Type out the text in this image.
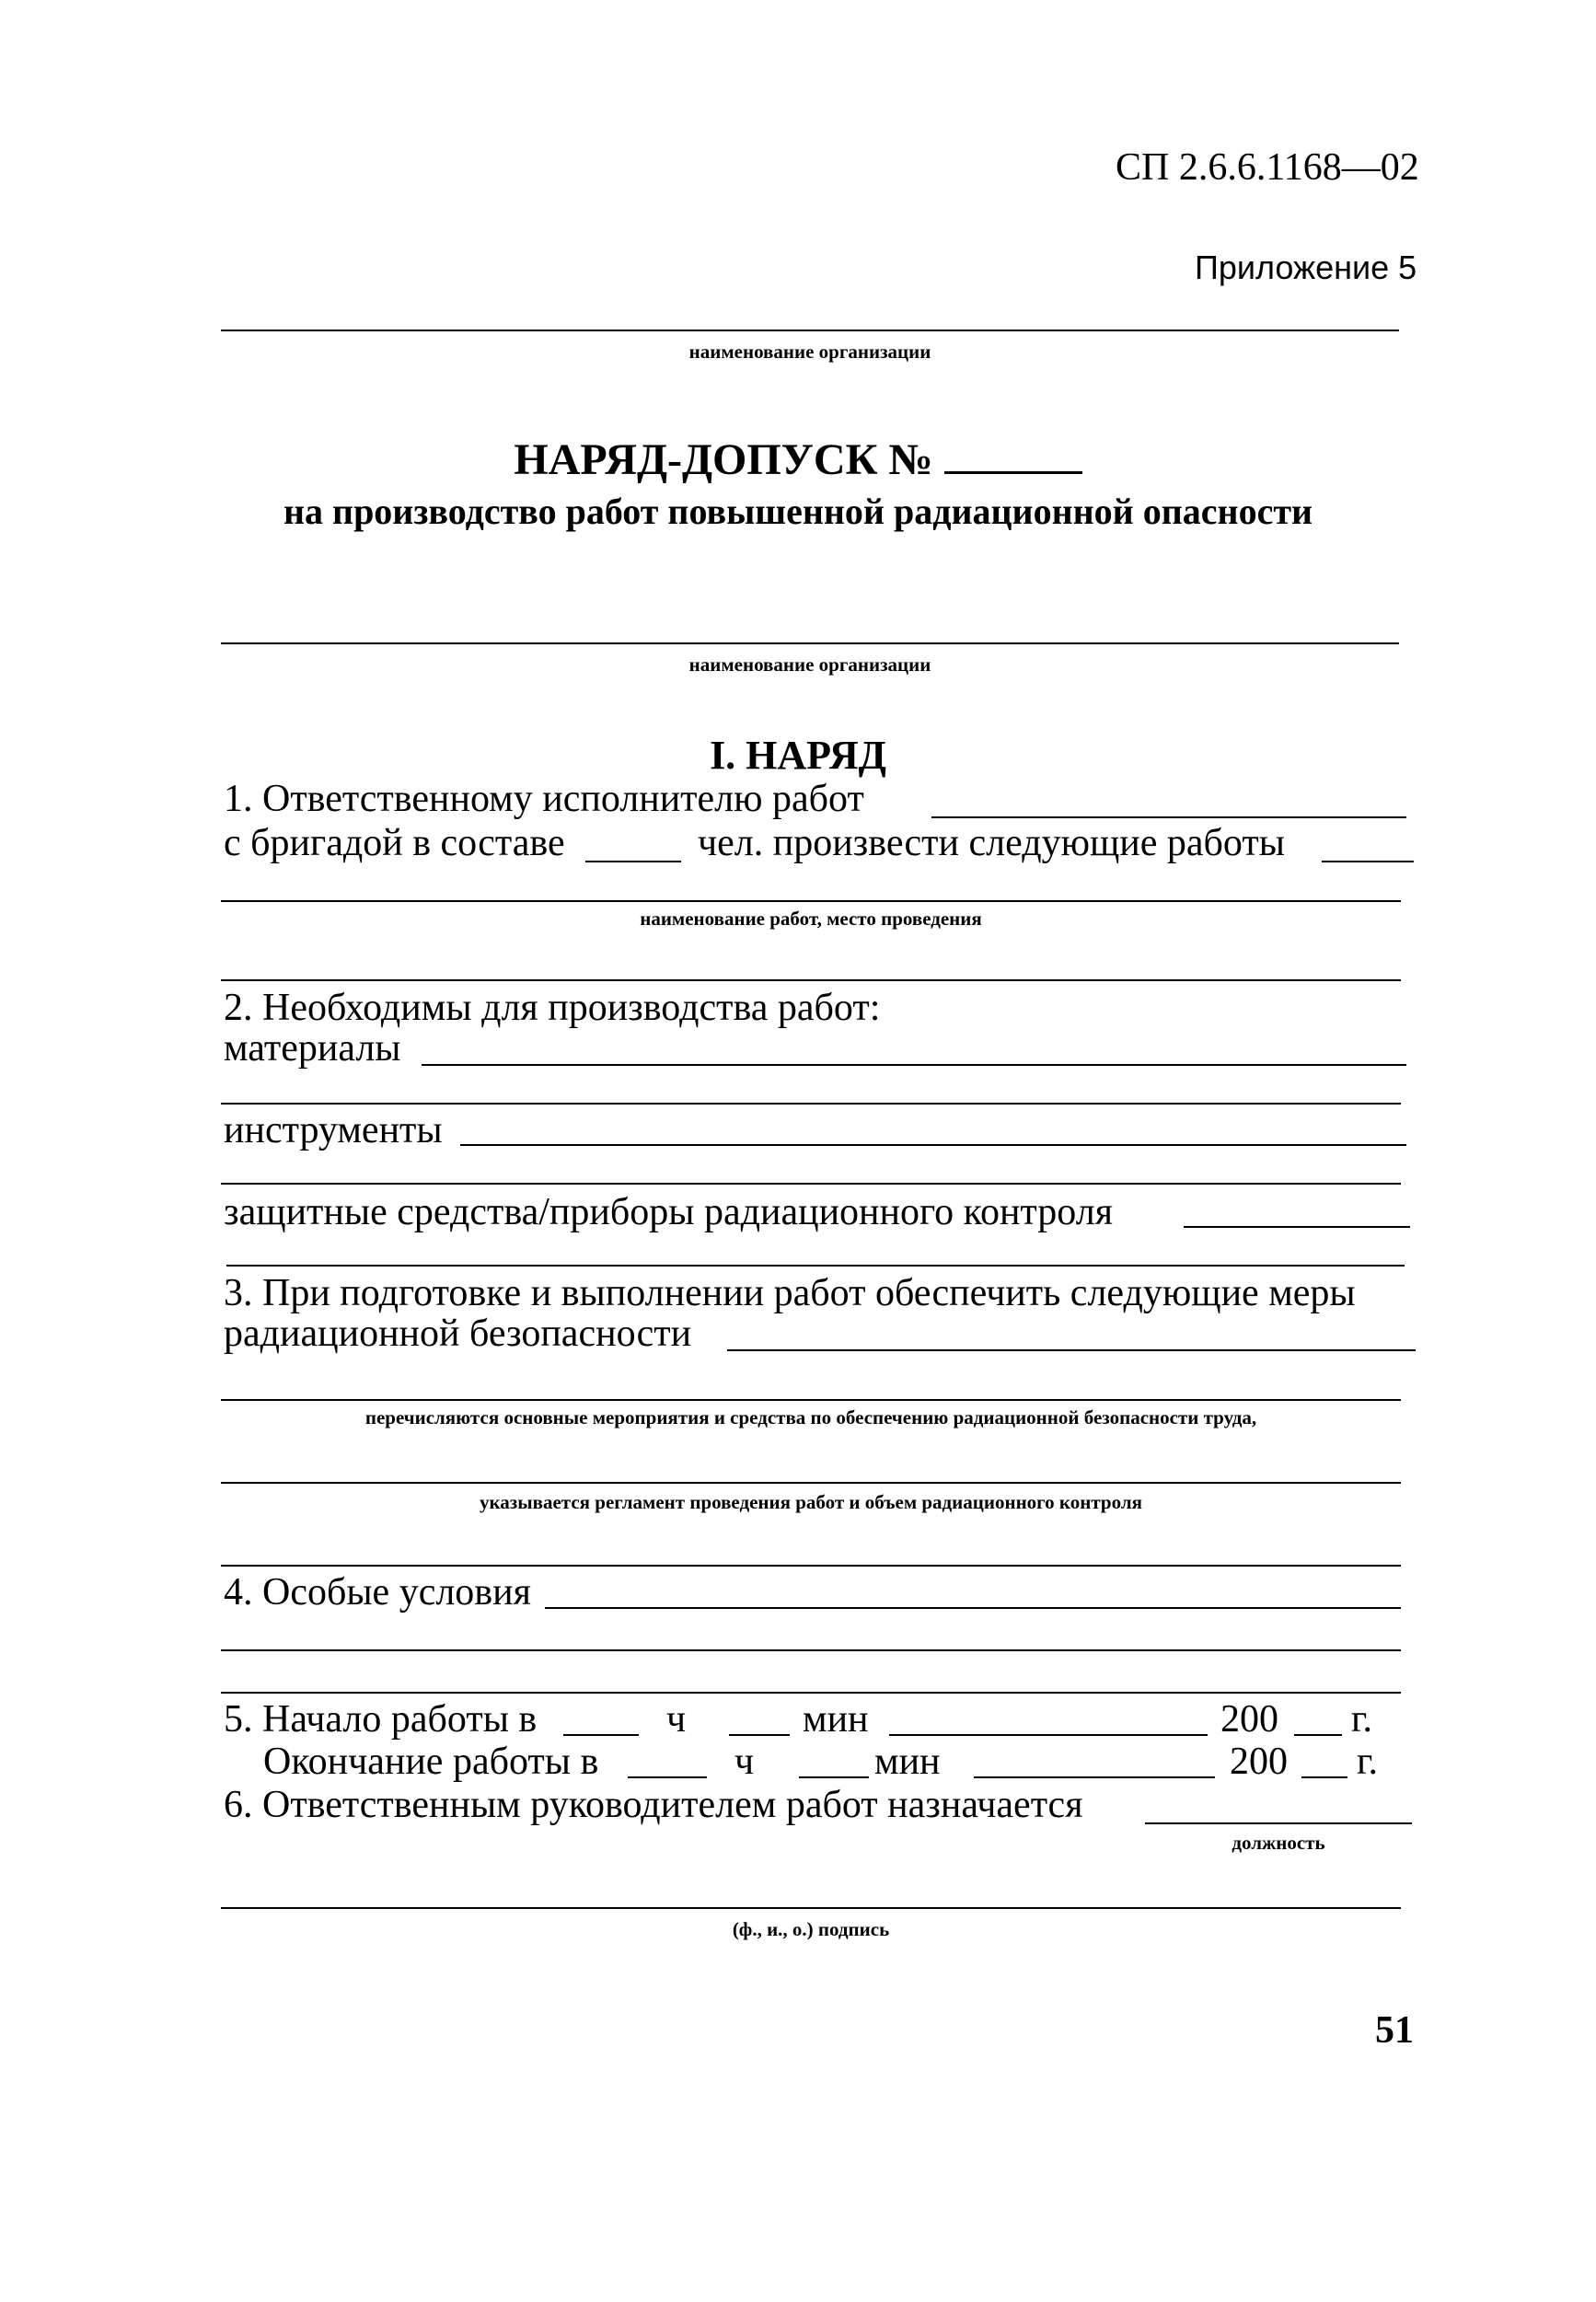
СП 2.6.6.1168—02
Приложение 5
наименование организации
НАРЯД-ДОПУСК №
на производство работ повышенной радиационной опасности
наименование организации
I. НАРЯД
1. Ответственному исполнителю работ
с бригадой в составе	чел. произвести следующие работы
наименование работ, место проведения
2. Необходимы для производства работ:
материалы
инструменты
защитные средства/приборы радиационного контроля
3. При подготовке и выполнении работ обеспечить следующие меры
радиационной безопасности
перечисляются основные мероприятия и средства по обеспечению радиационной безопасности труда,
указывается регламент проведения работ и объем радиационного контроля
4. Особые условия
5. Начало работы в	ч	мин	200 г.
Окончание работы в	ч	мин	200 г.
6. Ответственным руководителем работ назначается
должность
(ф., и., о.) подпись
51
